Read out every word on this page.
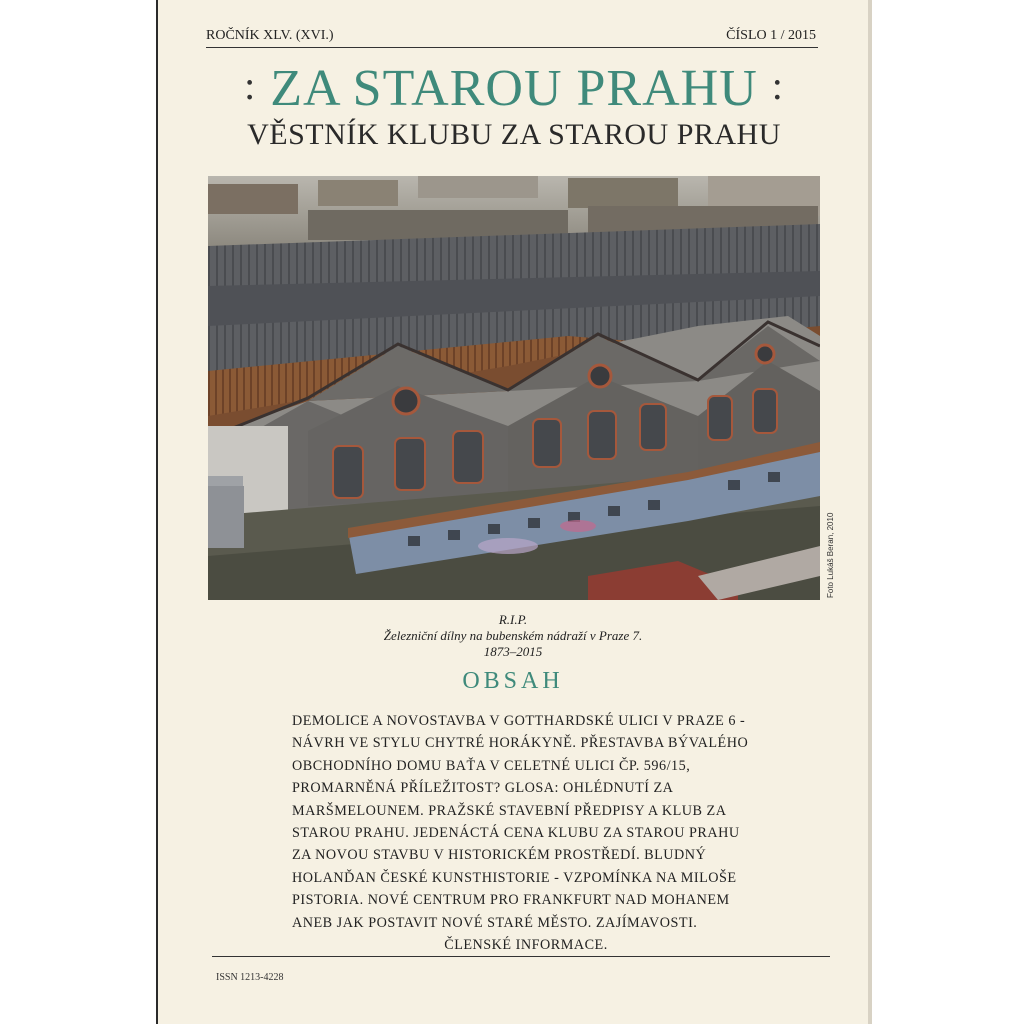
ROČNÍK XLV. (XVI.)	ČÍSLO 1 / 2015
: ZA STAROU PRAHU :
VĚSTNÍK KLUBU ZA STAROU PRAHU
Foto Lukáš Beran, 2010
R.I.P.
Železniční dílny na bubenském nádraží v Praze 7.
1873–2015
OBSAH
DEMOLICE A NOVOSTAVBA V GOTTHARDSKÉ ULICI V PRAZE 6 -
NÁVRH VE STYLU CHYTRÉ HORÁKYNĚ. PŘESTAVBA BÝVALÉHO
OBCHODNÍHO DOMU BAŤA V CELETNÉ ULICI ČP. 596/15,
PROMARNĚNÁ PŘÍLEŽITOST? GLOSA: OHLÉDNUTÍ ZA
MARŠMELOUNEM. PRAŽSKÉ STAVEBNÍ PŘEDPISY A KLUB ZA
STAROU PRAHU. JEDENÁCTÁ CENA KLUBU ZA STAROU PRAHU
ZA NOVOU STAVBU V HISTORICKÉM PROSTŘEDÍ. BLUDNÝ
HOLANĎAN ČESKÉ KUNSTHISTORIE - VZPOMÍNKA NA MILOŠE
PISTORIA. NOVÉ CENTRUM PRO FRANKFURT NAD MOHANEM
ANEB JAK POSTAVIT NOVÉ STARÉ MĚSTO. ZAJÍMAVOSTI.
ČLENSKÉ INFORMACE.
ISSN 1213-4228
